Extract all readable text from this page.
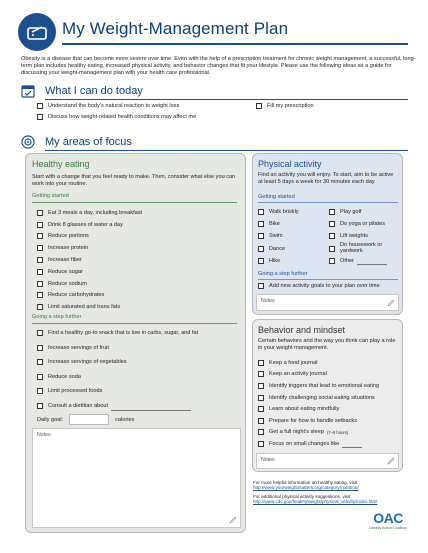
My Weight-Management Plan
Obesity is a disease that can become more severe over time. Even with the help of a prescription treatment for chronic weight management, a successful, long-term plan includes healthy eating, increased physical activity, and behavior changes that fit your lifestyle. Please use the following ideas as a guide for discussing your weight-management plan with your health care professional.
What I can do today
Understand the body's natural reaction to weight loss
Discuss how weight-related health conditions may affect me
Fill my prescription
My areas of focus
Healthy eating
Start with a change that you feel ready to make. Then, consider what else you can work into your routine.
Getting started
Eat 3 meals a day, including breakfast
Drink 8 glasses of water a day
Reduce portions
Increase protein
Increase fiber
Reduce sugar
Reduce sodium
Reduce carbohydrates
Limit saturated and trans fats
Going a step further
Find a healthy go-to snack that is low in carbs, sugar, and fat
Increase servings of fruit
Increase servings of vegetables
Reduce soda
Limit processed foods
Consult a dietitian about
Daily goal:	calories
Notes
Physical activity
Find an activity you will enjoy. To start, aim to be active at least 5 days a week for 30 minutes each day.
Getting started
Walk briskly
Bike
Swim
Dance
Hike
Play golf
Do yoga or pilates
Lift weights
Do housework or yardwork
Other
Going a step further
Add new activity goals to your plan over time
Notes
Behavior and mindset
Certain behaviors and the way you think can play a role in your weight management.
Keep a food journal
Keep an activity journal
Identify triggers that lead to emotional eating
Identify challenging social eating situations
Learn about eating mindfully
Prepare for how to handle setbacks
Get a full night's sleep (7–8 hours)
Focus on small changes like
Notes
For more helpful information on healthy eating, visit
http://www.yourweightmatters.org/category/nutrition/
For additional physical activity suggestions, visit
http://www.cdc.gov/healthyweight/physical_activity/index.html
OAC
Obesity Action Coalition
